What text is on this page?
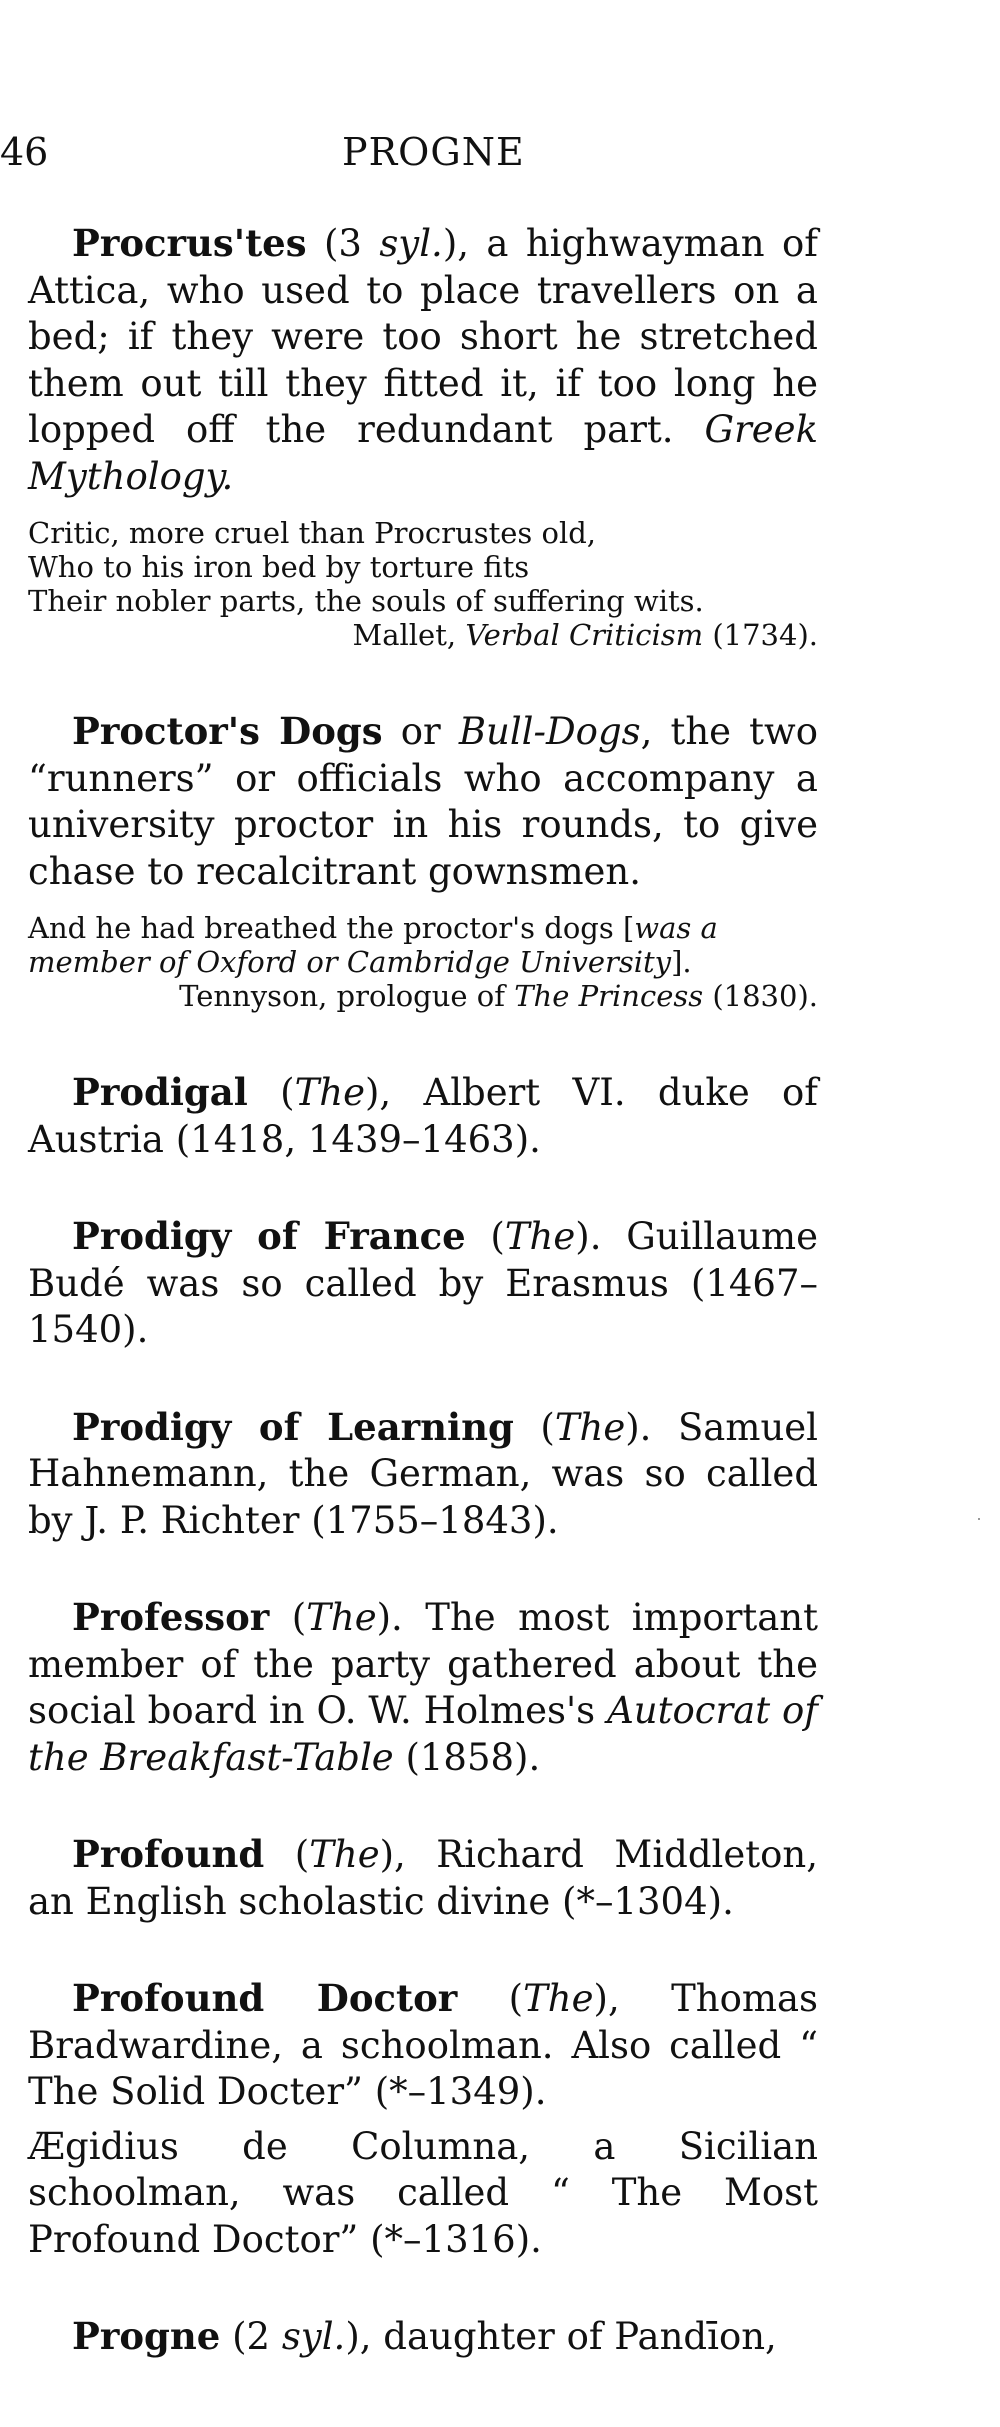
46	PROGNE

Procrus'tes (3 syl.), a highwayman of Attica, who used to place travellers on a bed; if they were too short he stretched them out till they fitted it, if too long he lopped off the redundant part. Greek Mythology.

Critic, more cruel than Procrustes old,
Who to his iron bed by torture fits
Their nobler parts, the souls of suffering wits.
Mallet, Verbal Criticism (1734).

Proctor's Dogs or Bull-Dogs, the two “runners” or officials who accompany a university proctor in his rounds, to give chase to recalcitrant gownsmen.

And he had breathed the proctor's dogs [was a member of Oxford or Cambridge University].
Tennyson, prologue of The Princess (1830).

Prodigal (The), Albert VI. duke of Austria (1418, 1439–1463).

Prodigy of France (The). Guillaume Budé was so called by Erasmus (1467–1540).

Prodigy of Learning (The). Samuel Hahnemann, the German, was so called by J. P. Richter (1755–1843).

Professor (The). The most important member of the party gathered about the social board in O. W. Holmes's Autocrat of the Breakfast-Table (1858).

Profound (The), Richard Middleton, an English scholastic divine (*–1304).

Profound Doctor (The), Thomas Bradwardine, a schoolman. Also called “ The Solid Docter” (*–1349).

Ægidius de Columna, a Sicilian schoolman, was called “ The Most Profound Doctor” (*–1316).

Progne (2 syl.), daughter of Pandīon,
